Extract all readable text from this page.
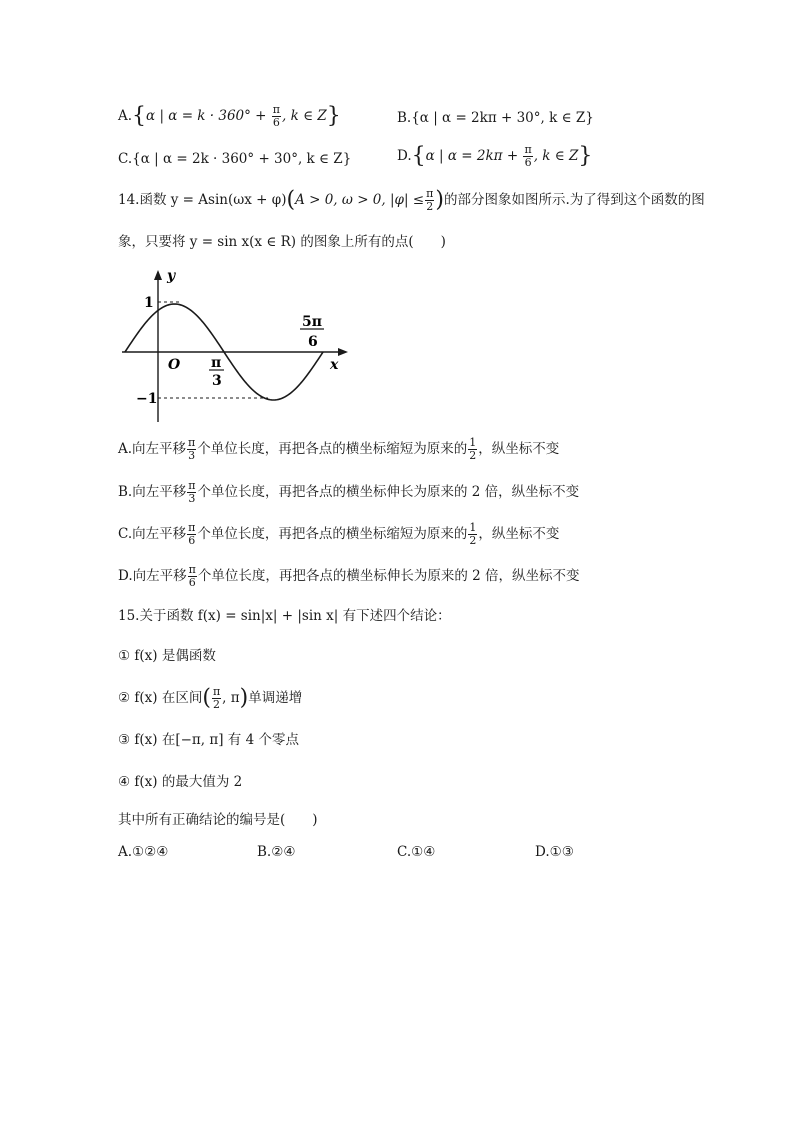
A.{α | $\alpha = k \cdot 360^\circ + \frac{\pi}{6}$ , k ∈ Z}	B.{α | α = 2kπ + 30°, k ∈ Z}
C.{α | α = 2k · 360° + 30°, k ∈ Z}	D.{α | $\alpha = 2k\pi + \frac{\pi}{6}$ , k ∈ Z}
14.函数 y = Asin(ωx + φ)(A > 0, ω > 0, $|\varphi| \le \frac{\pi}{2}$ )的部分图象如图所示.为了得到这个函数的图
象，只要将 y = sin x(x ∈ R) 的图象上所有的点(　　)
y
x
O
1
−1
π
3
5π
6
A.向左平移 $\frac{\pi}{3}$ 个单位长度，再把各点的横坐标缩短为原来的 $\frac{1}{2}$ ，纵坐标不变
B.向左平移 $\frac{\pi}{3}$ 个单位长度，再把各点的横坐标伸长为原来的 2 倍，纵坐标不变
C.向左平移 $\frac{\pi}{6}$ 个单位长度，再把各点的横坐标缩短为原来的 $\frac{1}{2}$ ，纵坐标不变
D.向左平移 $\frac{\pi}{6}$ 个单位长度，再把各点的横坐标伸长为原来的 2 倍，纵坐标不变
15.关于函数 f(x) = sin|x| + |sin x| 有下述四个结论：
① f(x) 是偶函数
② f(x) 在区间( $\frac{\pi}{2}$ , π)单调递增
③ f(x) 在[−π, π] 有 4 个零点
④ f(x) 的最大值为 2
其中所有正确结论的编号是(　　)
A.①②④	B.②④	C.①④	D.①③
